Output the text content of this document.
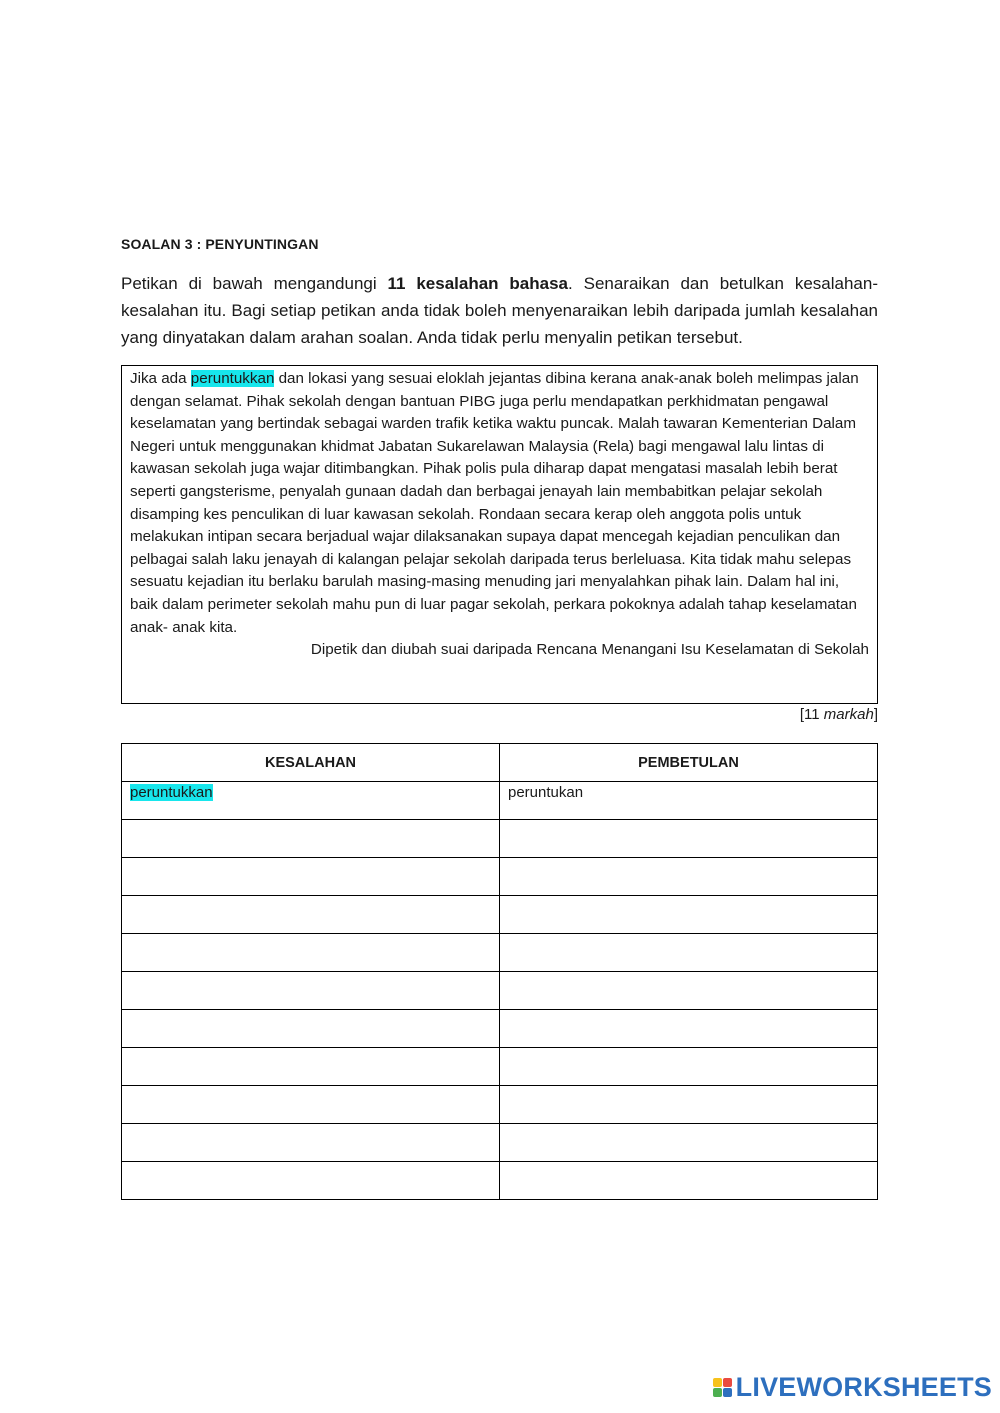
SOALAN 3 : PENYUNTINGAN
Petikan di bawah mengandungi 11 kesalahan bahasa. Senaraikan dan betulkan kesalahan-kesalahan itu. Bagi setiap petikan anda tidak boleh menyenaraikan lebih daripada jumlah kesalahan yang dinyatakan dalam arahan soalan. Anda tidak perlu menyalin petikan tersebut.

Jika ada peruntukkan dan lokasi yang sesuai eloklah jejantas dibina kerana anak-anak boleh melimpas jalan dengan selamat. Pihak sekolah dengan bantuan PIBG juga perlu mendapatkan perkhidmatan pengawal keselamatan yang bertindak sebagai warden trafik ketika waktu puncak. Malah tawaran Kementerian Dalam Negeri untuk menggunakan khidmat Jabatan Sukarelawan Malaysia (Rela) bagi mengawal lalu lintas di kawasan sekolah juga wajar ditimbangkan. Pihak polis pula diharap dapat mengatasi masalah lebih berat seperti gangsterisme, penyalah gunaan dadah dan berbagai jenayah lain membabitkan pelajar sekolah disamping kes penculikan di luar kawasan sekolah. Rondaan secara kerap oleh anggota polis untuk melakukan intipan secara berjadual wajar dilaksanakan supaya dapat mencegah kejadian penculikan dan pelbagai salah laku jenayah di kalangan pelajar sekolah daripada terus berleluasa. Kita tidak mahu selepas sesuatu kejadian itu berlaku barulah masing-masing menuding jari menyalahkan pihak lain. Dalam hal ini, baik dalam perimeter sekolah mahu pun di luar pagar sekolah, perkara pokoknya adalah tahap keselamatan anak- anak kita.

Dipetik dan diubah suai daripada Rencana Menangani Isu Keselamatan di Sekolah

[11 markah]
KESALAHAN	PEMBETULAN
peruntukkan	peruntukan

LIVEWORKSHEETS
